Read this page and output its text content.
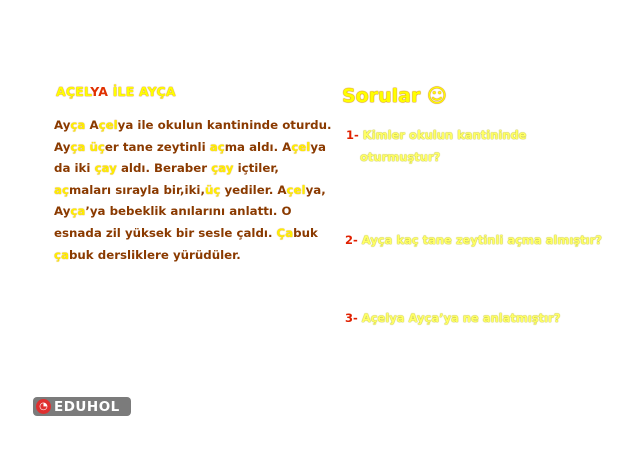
AÇELYA İLE AYÇA
Ayça Açelya ile okulun kantininde oturdu.
Ayça üçer tane zeytinli açma aldı. Açelya
da iki çay aldı. Beraber çay içtiler,
açmaları sırayla bir,iki,üç yediler. Açelya,
Ayça’ya bebeklik anılarını anlattı. O
esnada zil yüksek bir sesle çaldı. Çabuk
çabuk dersliklere yürüdüler.
Sorular ☺
1- Kimler okulun kantininde
oturmuştur?
2- Ayça kaç tane zeytinli açma almıştır?
3- Açelya Ayça’ya ne anlatmıştır?
◔ EDUHOL
